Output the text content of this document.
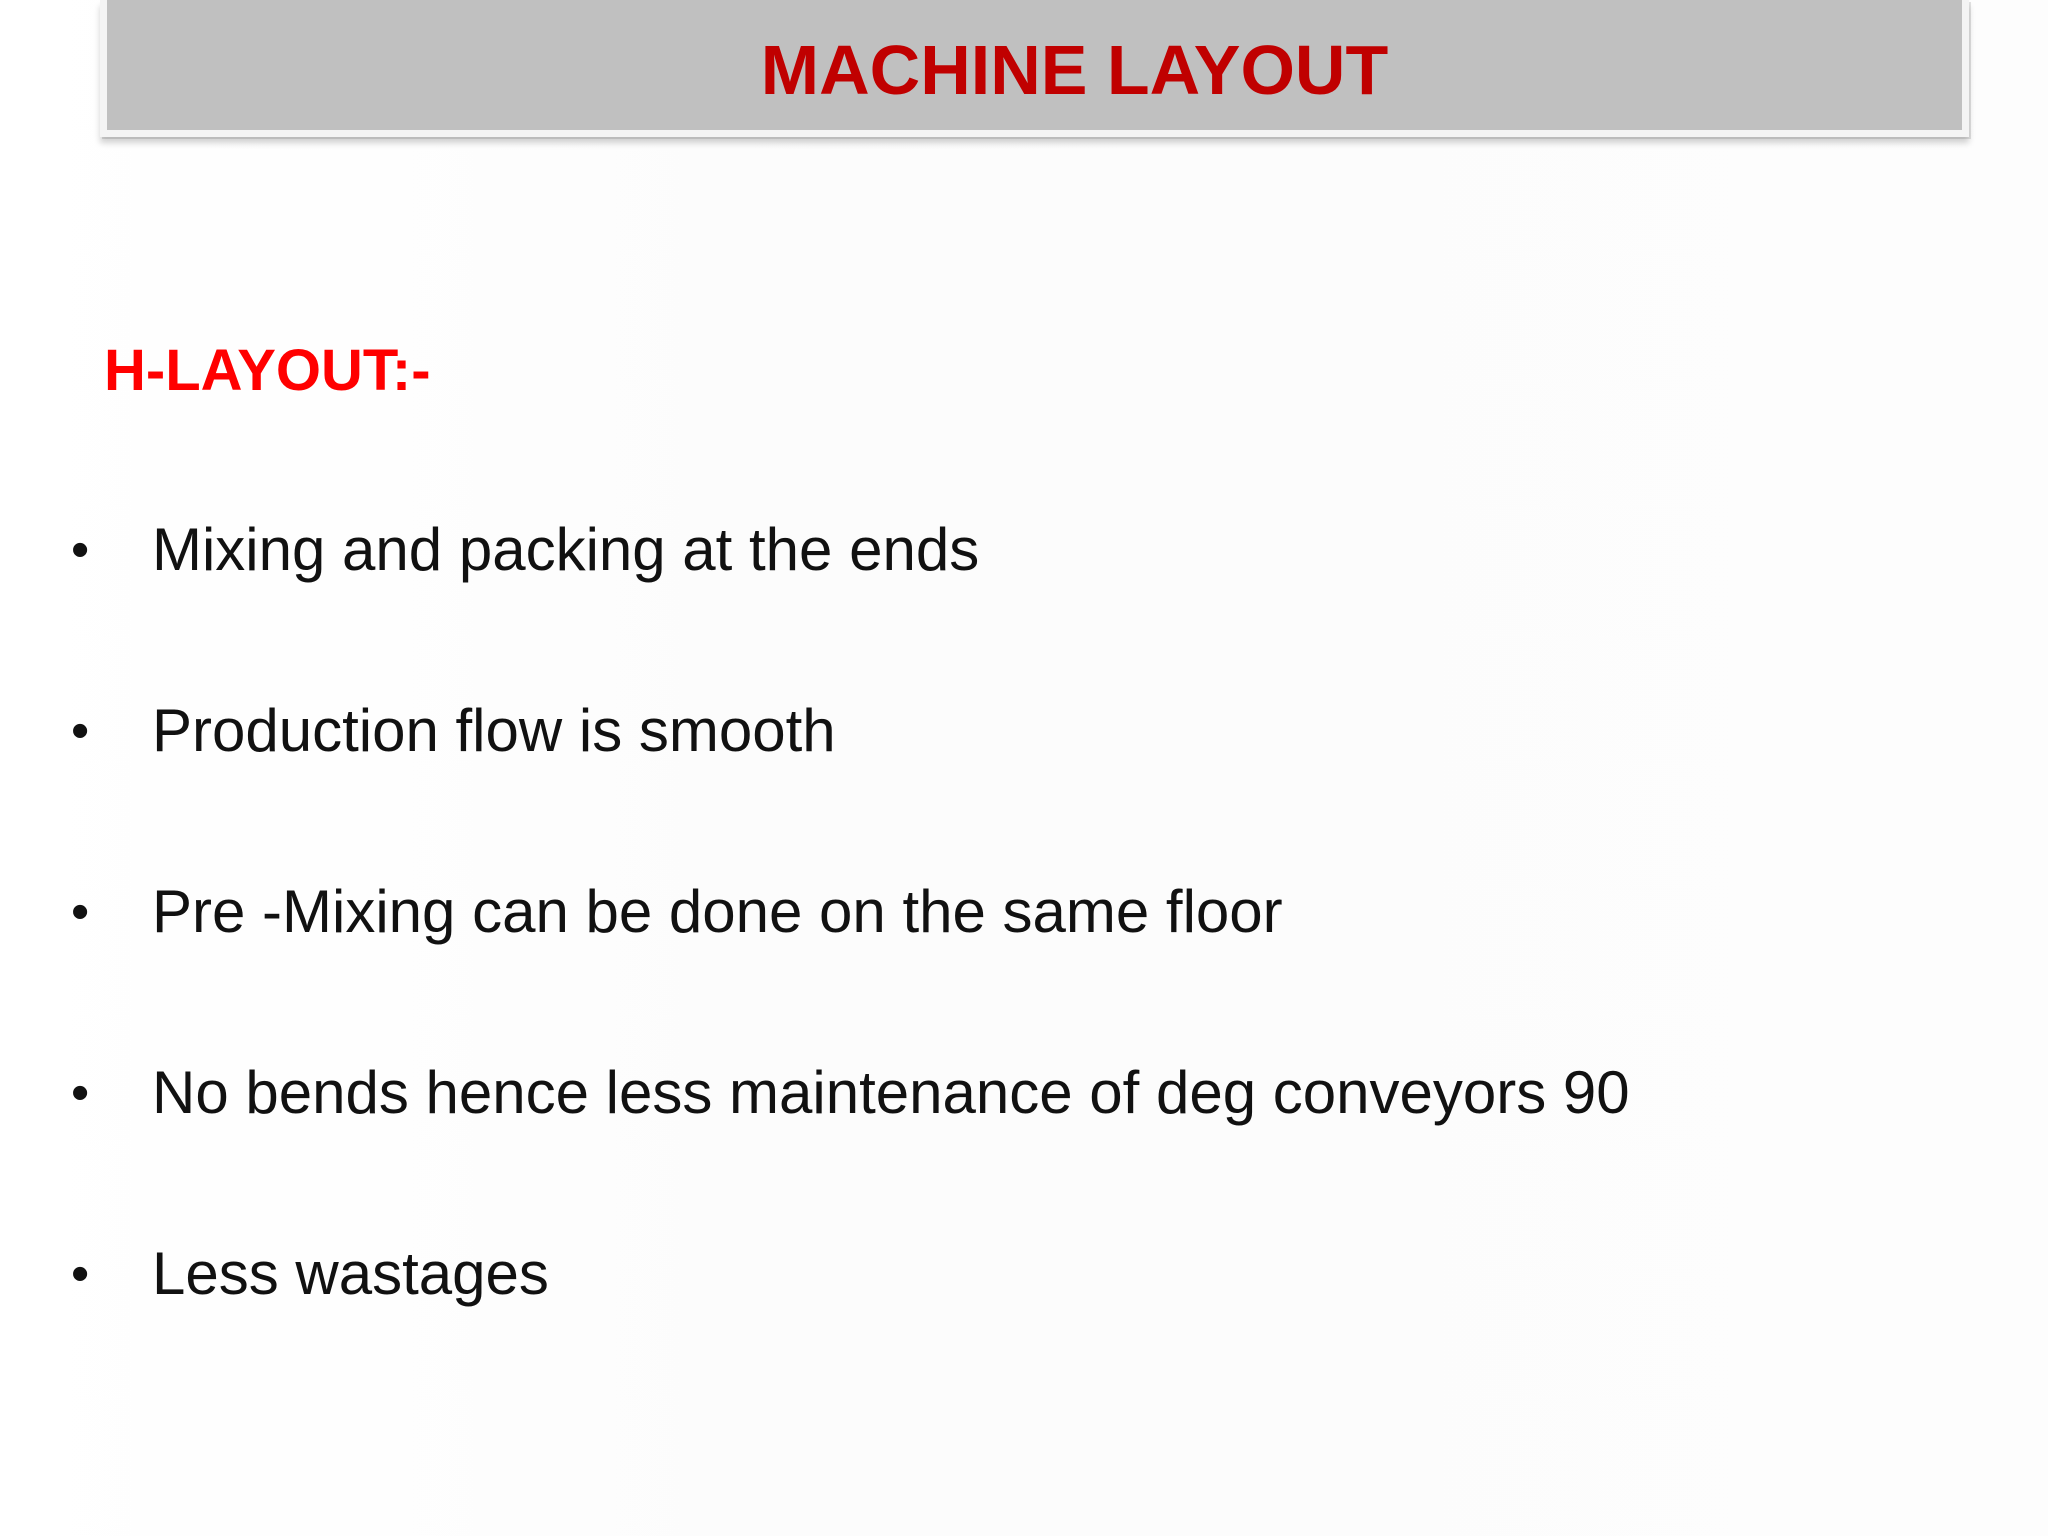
MACHINE LAYOUT
H-LAYOUT:-
•	Mixing and packing at the ends
•	Production flow is smooth
•	Pre -Mixing can be done on the same floor
•	No bends hence less maintenance of deg conveyors 90
•	Less wastages
